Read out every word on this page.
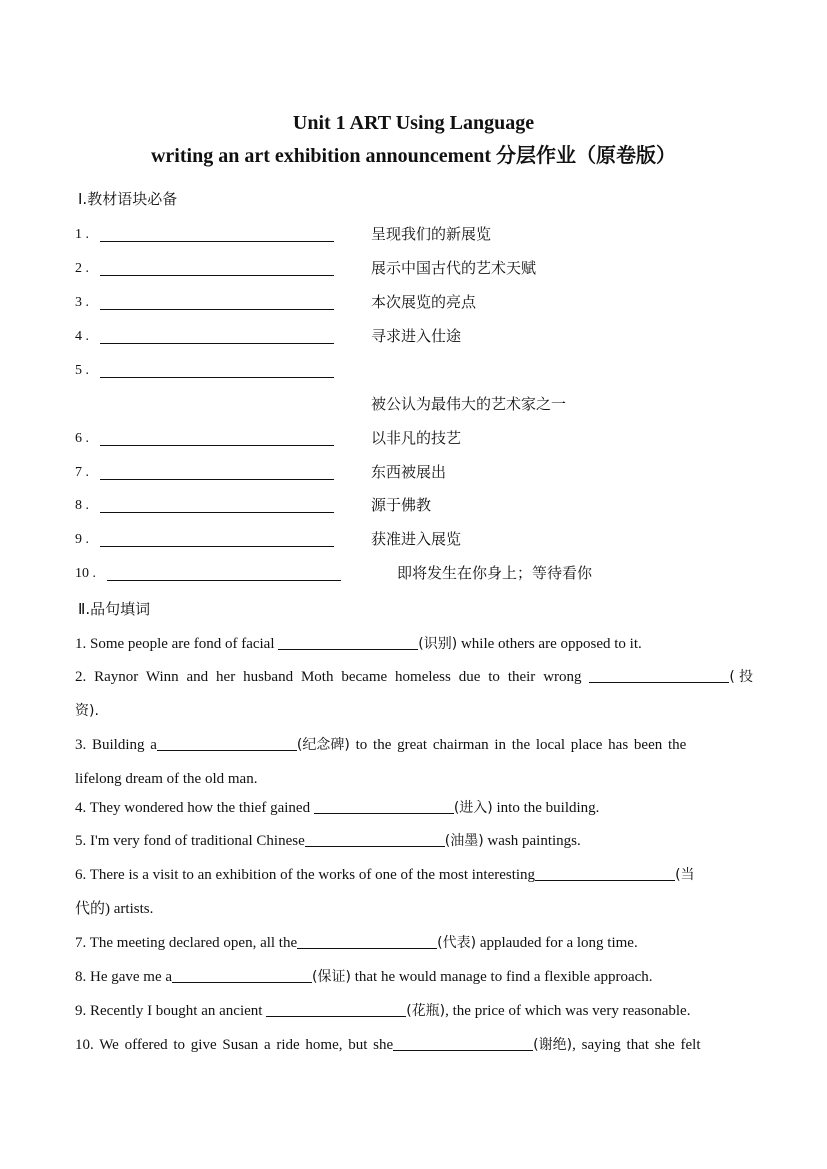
Unit 1 ART Using Language
writing an art exhibition announcement 分层作业（原卷版）
Ⅰ.教材语块必备
1 .	呈现我们的新展览
2 .	展示中国古代的艺术天赋
3 .	本次展览的亮点
4 .	寻求进入仕途
5 .
被公认为最伟大的艺术家之一
6 .	以非凡的技艺
7 .	东西被展出
8 .	源于佛教
9 .	获准进入展览
10 .	即将发生在你身上；等待看你
Ⅱ.品句填词
1. Some people are fond of facial	(识别) while others are opposed to it.
2. Raynor Winn and her husband Moth became homeless due to their wrong	(投
资).
3. Building a	(纪念碑) to the great chairman in the local place has been the
lifelong dream of the old man.
4. They wondered how the thief gained	(进入) into the building.
5. I'm very fond of traditional Chinese	(油墨) wash paintings.
6. There is a visit to an exhibition of the works of one of the most interesting	(当
代的) artists.
7. The meeting declared open, all the	(代表) applauded for a long time.
8. He gave me a	(保证) that he would manage to find a flexible approach.
9. Recently I bought an ancient	(花瓶), the price of which was very reasonable.
10. We offered to give Susan a ride home, but she	(谢绝), saying that she felt
